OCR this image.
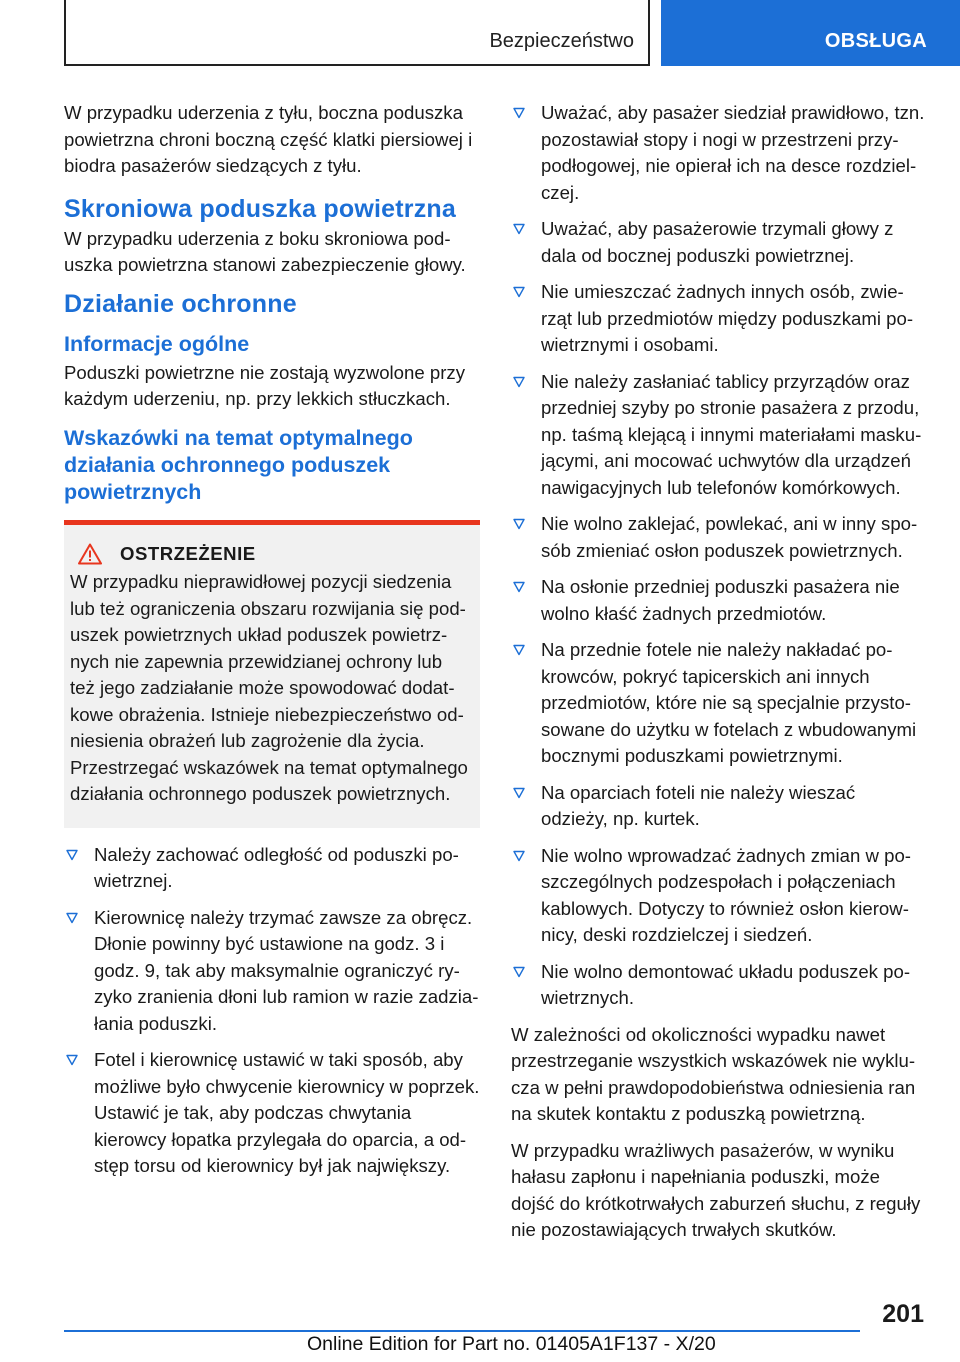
Bezpieczeństwo	OBSŁUGA

W przypadku uderzenia z tyłu, boczna poduszka powietrzna chroni boczną część klatki piersiowej i biodra pasażerów siedzących z tyłu.

Skroniowa poduszka powietrzna

W przypadku uderzenia z boku skroniowa poduszka powietrzna stanowi zabezpieczenie głowy.

Działanie ochronne
Informacje ogólne

Poduszki powietrzne nie zostają wyzwolone przy każdym uderzeniu, np. przy lekkich stłuczkach.

Wskazówki na temat optymalnego działania ochronnego poduszek powietrznych
OSTRZEŻENIE

W przypadku nieprawidłowej pozycji siedzenia lub też ograniczenia obszaru rozwijania się poduszek powietrznych układ poduszek powietrznych nie zapewnia przewidzianej ochrony lub też jego zadziałanie może spowodować dodatkowe obrażenia. Istnieje niebezpieczeństwo odniesienia obrażeń lub zagrożenie dla życia. Przestrzegać wskazówek na temat optymalnego działania ochronnego poduszek powietrznych.

Należy zachować odległość od poduszki powietrznej.
Kierownicę należy trzymać zawsze za obręcz. Dłonie powinny być ustawione na godz. 3 i godz. 9, tak aby maksymalnie ograniczyć ryzyko zranienia dłoni lub ramion w razie zadziałania poduszki.
Fotel i kierownicę ustawić w taki sposób, aby możliwe było chwycenie kierownicy w poprzek. Ustawić je tak, aby podczas chwytania kierowcy łopatka przylegała do oparcia, a odstęp torsu od kierownicy był jak największy.
Uważać, aby pasażer siedział prawidłowo, tzn. pozostawiał stopy i nogi w przestrzeni przypodłogowej, nie opierał ich na desce rozdzielczej.
Uważać, aby pasażerowie trzymali głowy z dala od bocznej poduszki powietrznej.
Nie umieszczać żadnych innych osób, zwierząt lub przedmiotów między poduszkami powietrznymi i osobami.
Nie należy zasłaniać tablicy przyrządów oraz przedniej szyby po stronie pasażera z przodu, np. taśmą klejącą i innymi materiałami maskującymi, ani mocować uchwytów dla urządzeń nawigacyjnych lub telefonów komórkowych.
Nie wolno zaklejać, powlekać, ani w inny sposób zmieniać osłon poduszek powietrznych.
Na osłonie przedniej poduszki pasażera nie wolno kłaść żadnych przedmiotów.
Na przednie fotele nie należy nakładać pokrowców, pokryć tapicerskich ani innych przedmiotów, które nie są specjalnie przystosowane do użytku w fotelach z wbudowanymi bocznymi poduszkami powietrznymi.
Na oparciach foteli nie należy wieszać odzieży, np. kurtek.
Nie wolno wprowadzać żadnych zmian w poszczególnych podzespołach i połączeniach kablowych. Dotyczy to również osłon kierownicy, deski rozdzielczej i siedzeń.
Nie wolno demontować układu poduszek powietrznych.

W zależności od okoliczności wypadku nawet przestrzeganie wszystkich wskazówek nie wyklucza w pełni prawdopodobieństwa odniesienia ran na skutek kontaktu z poduszką powietrzną.

W przypadku wrażliwych pasażerów, w wyniku hałasu zapłonu i napełniania poduszki, może dojść do krótkotrwałych zaburzeń słuchu, z reguły nie pozostawiających trwałych skutków.

201
Online Edition for Part no. 01405A1F137 - X/20
